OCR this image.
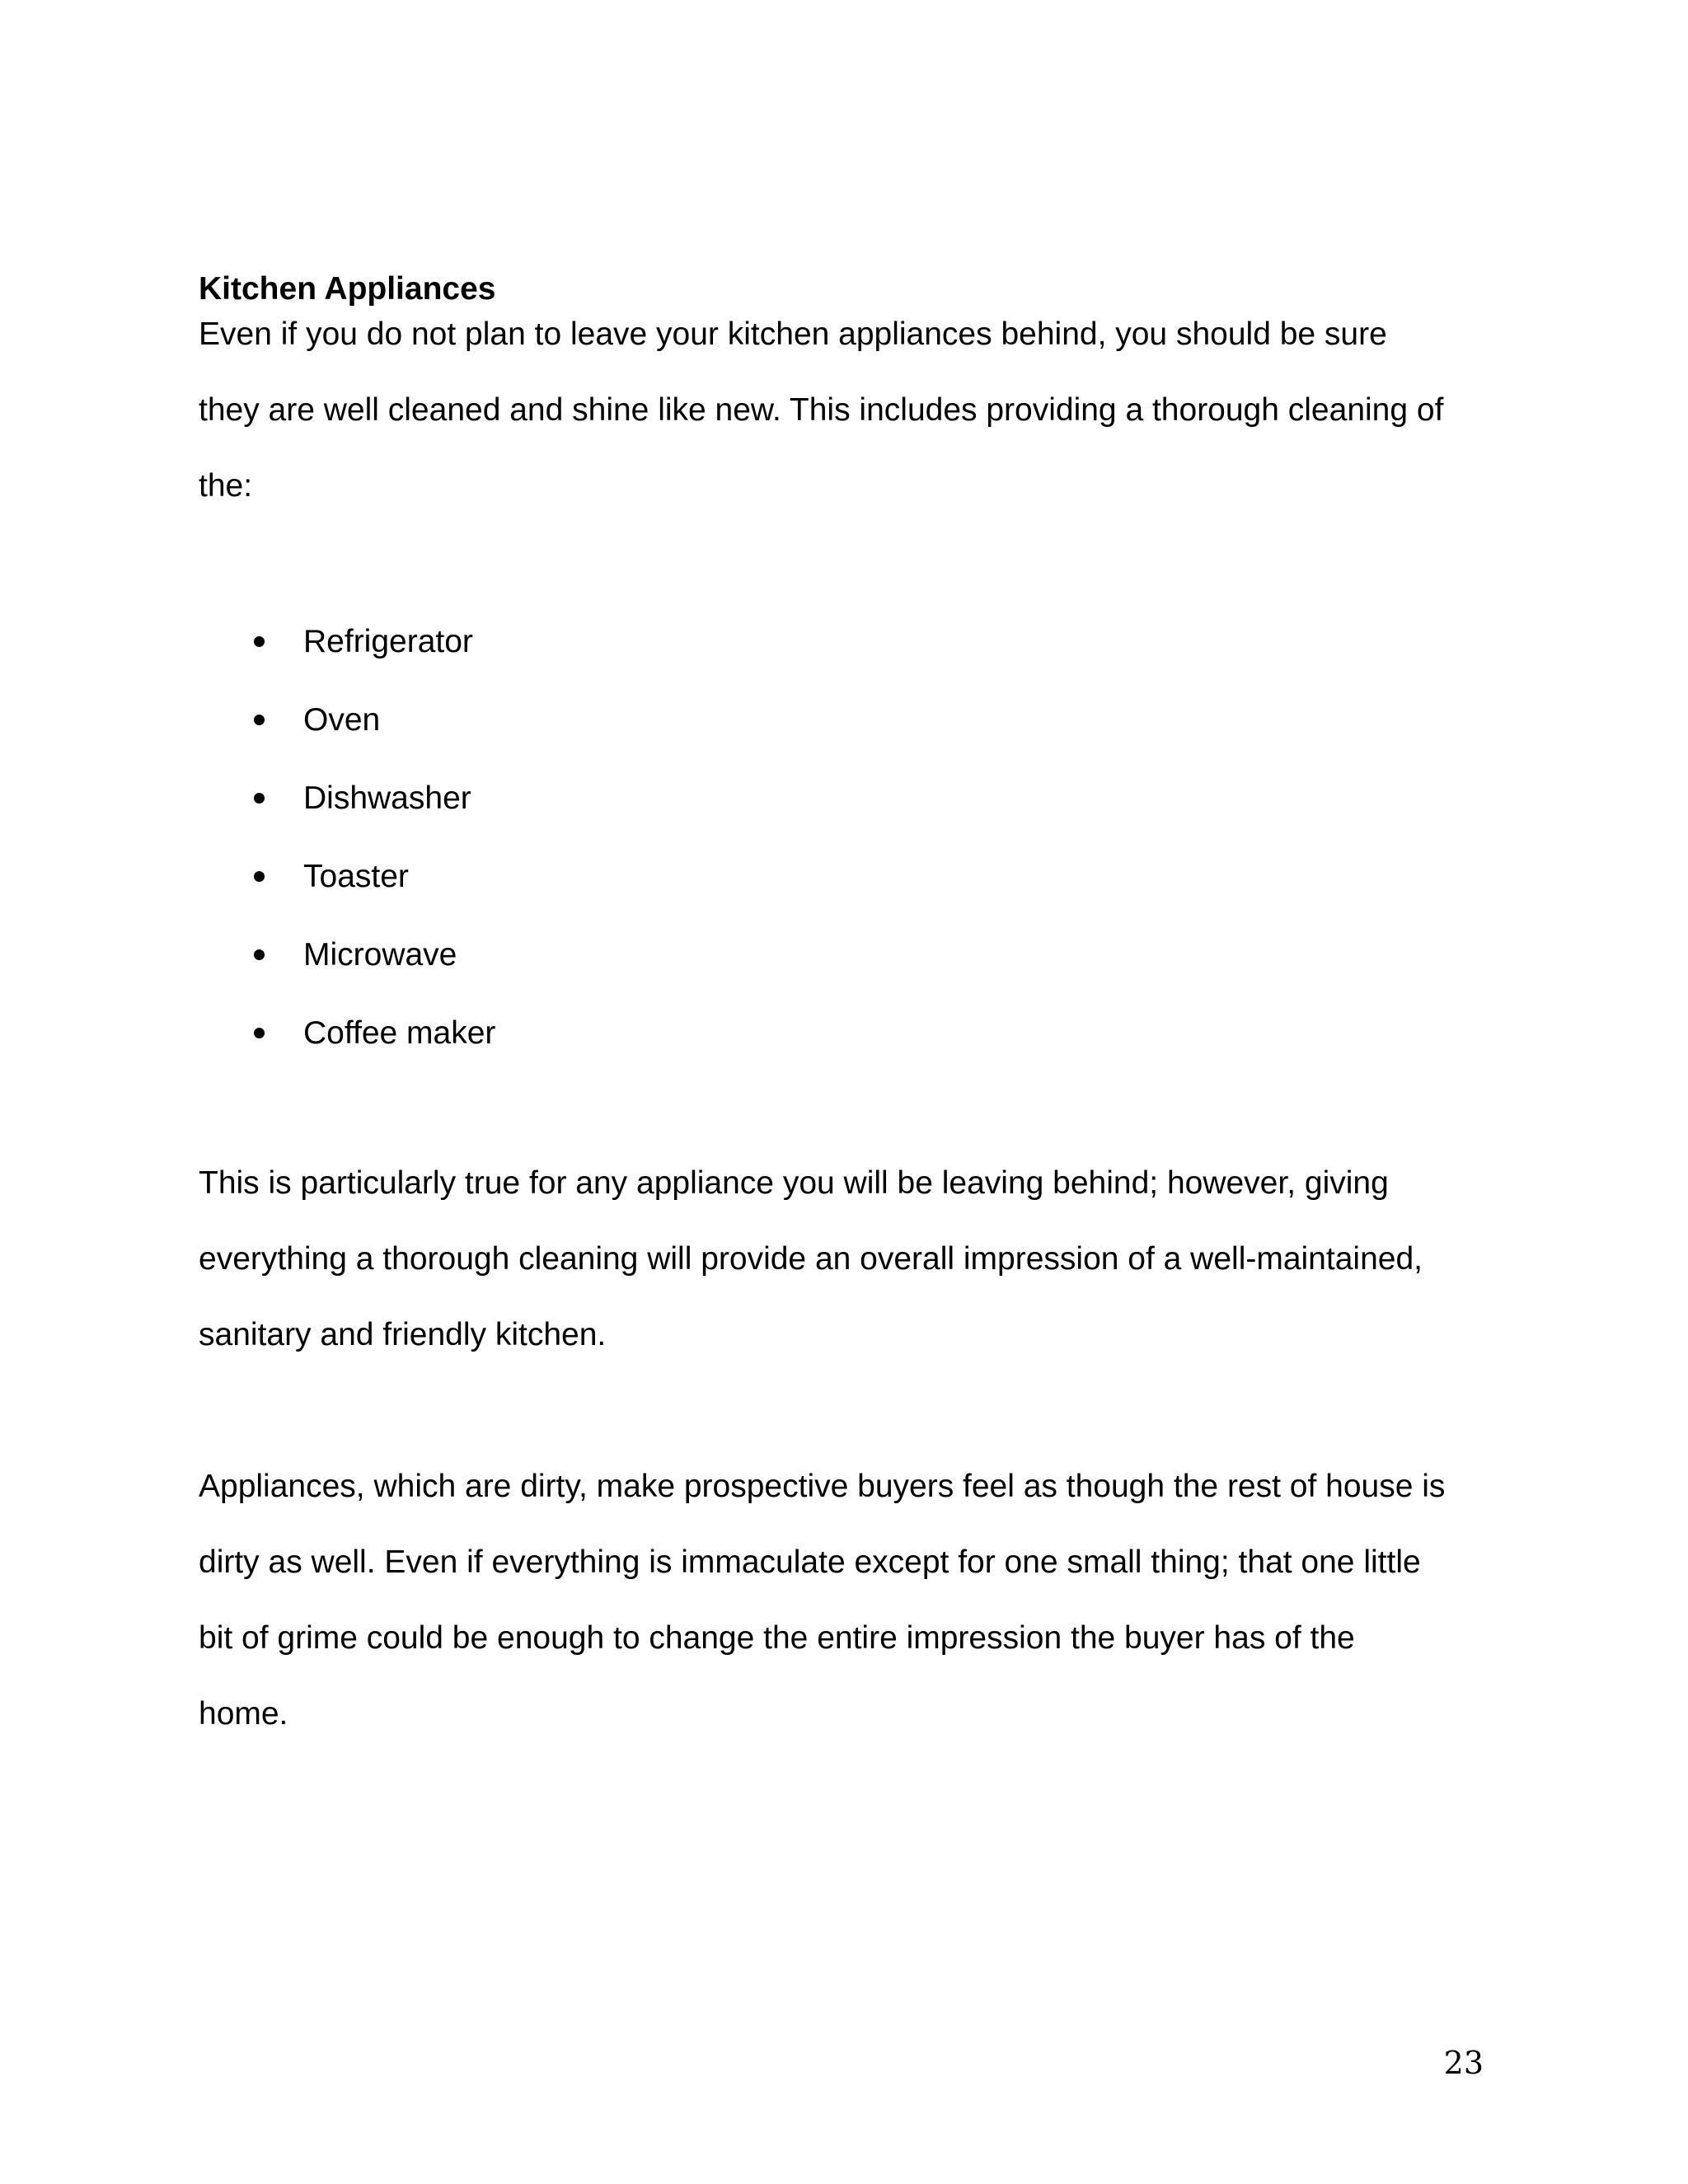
Kitchen Appliances

Even if you do not plan to leave your kitchen appliances behind, you should be sure
they are well cleaned and shine like new. This includes providing a thorough cleaning of
the:

Refrigerator
Oven
Dishwasher
Toaster
Microwave
Coffee maker

This is particularly true for any appliance you will be leaving behind; however, giving
everything a thorough cleaning will provide an overall impression of a well-maintained,
sanitary and friendly kitchen.

Appliances, which are dirty, make prospective buyers feel as though the rest of house is
dirty as well. Even if everything is immaculate except for one small thing; that one little
bit of grime could be enough to change the entire impression the buyer has of the
home.

23
